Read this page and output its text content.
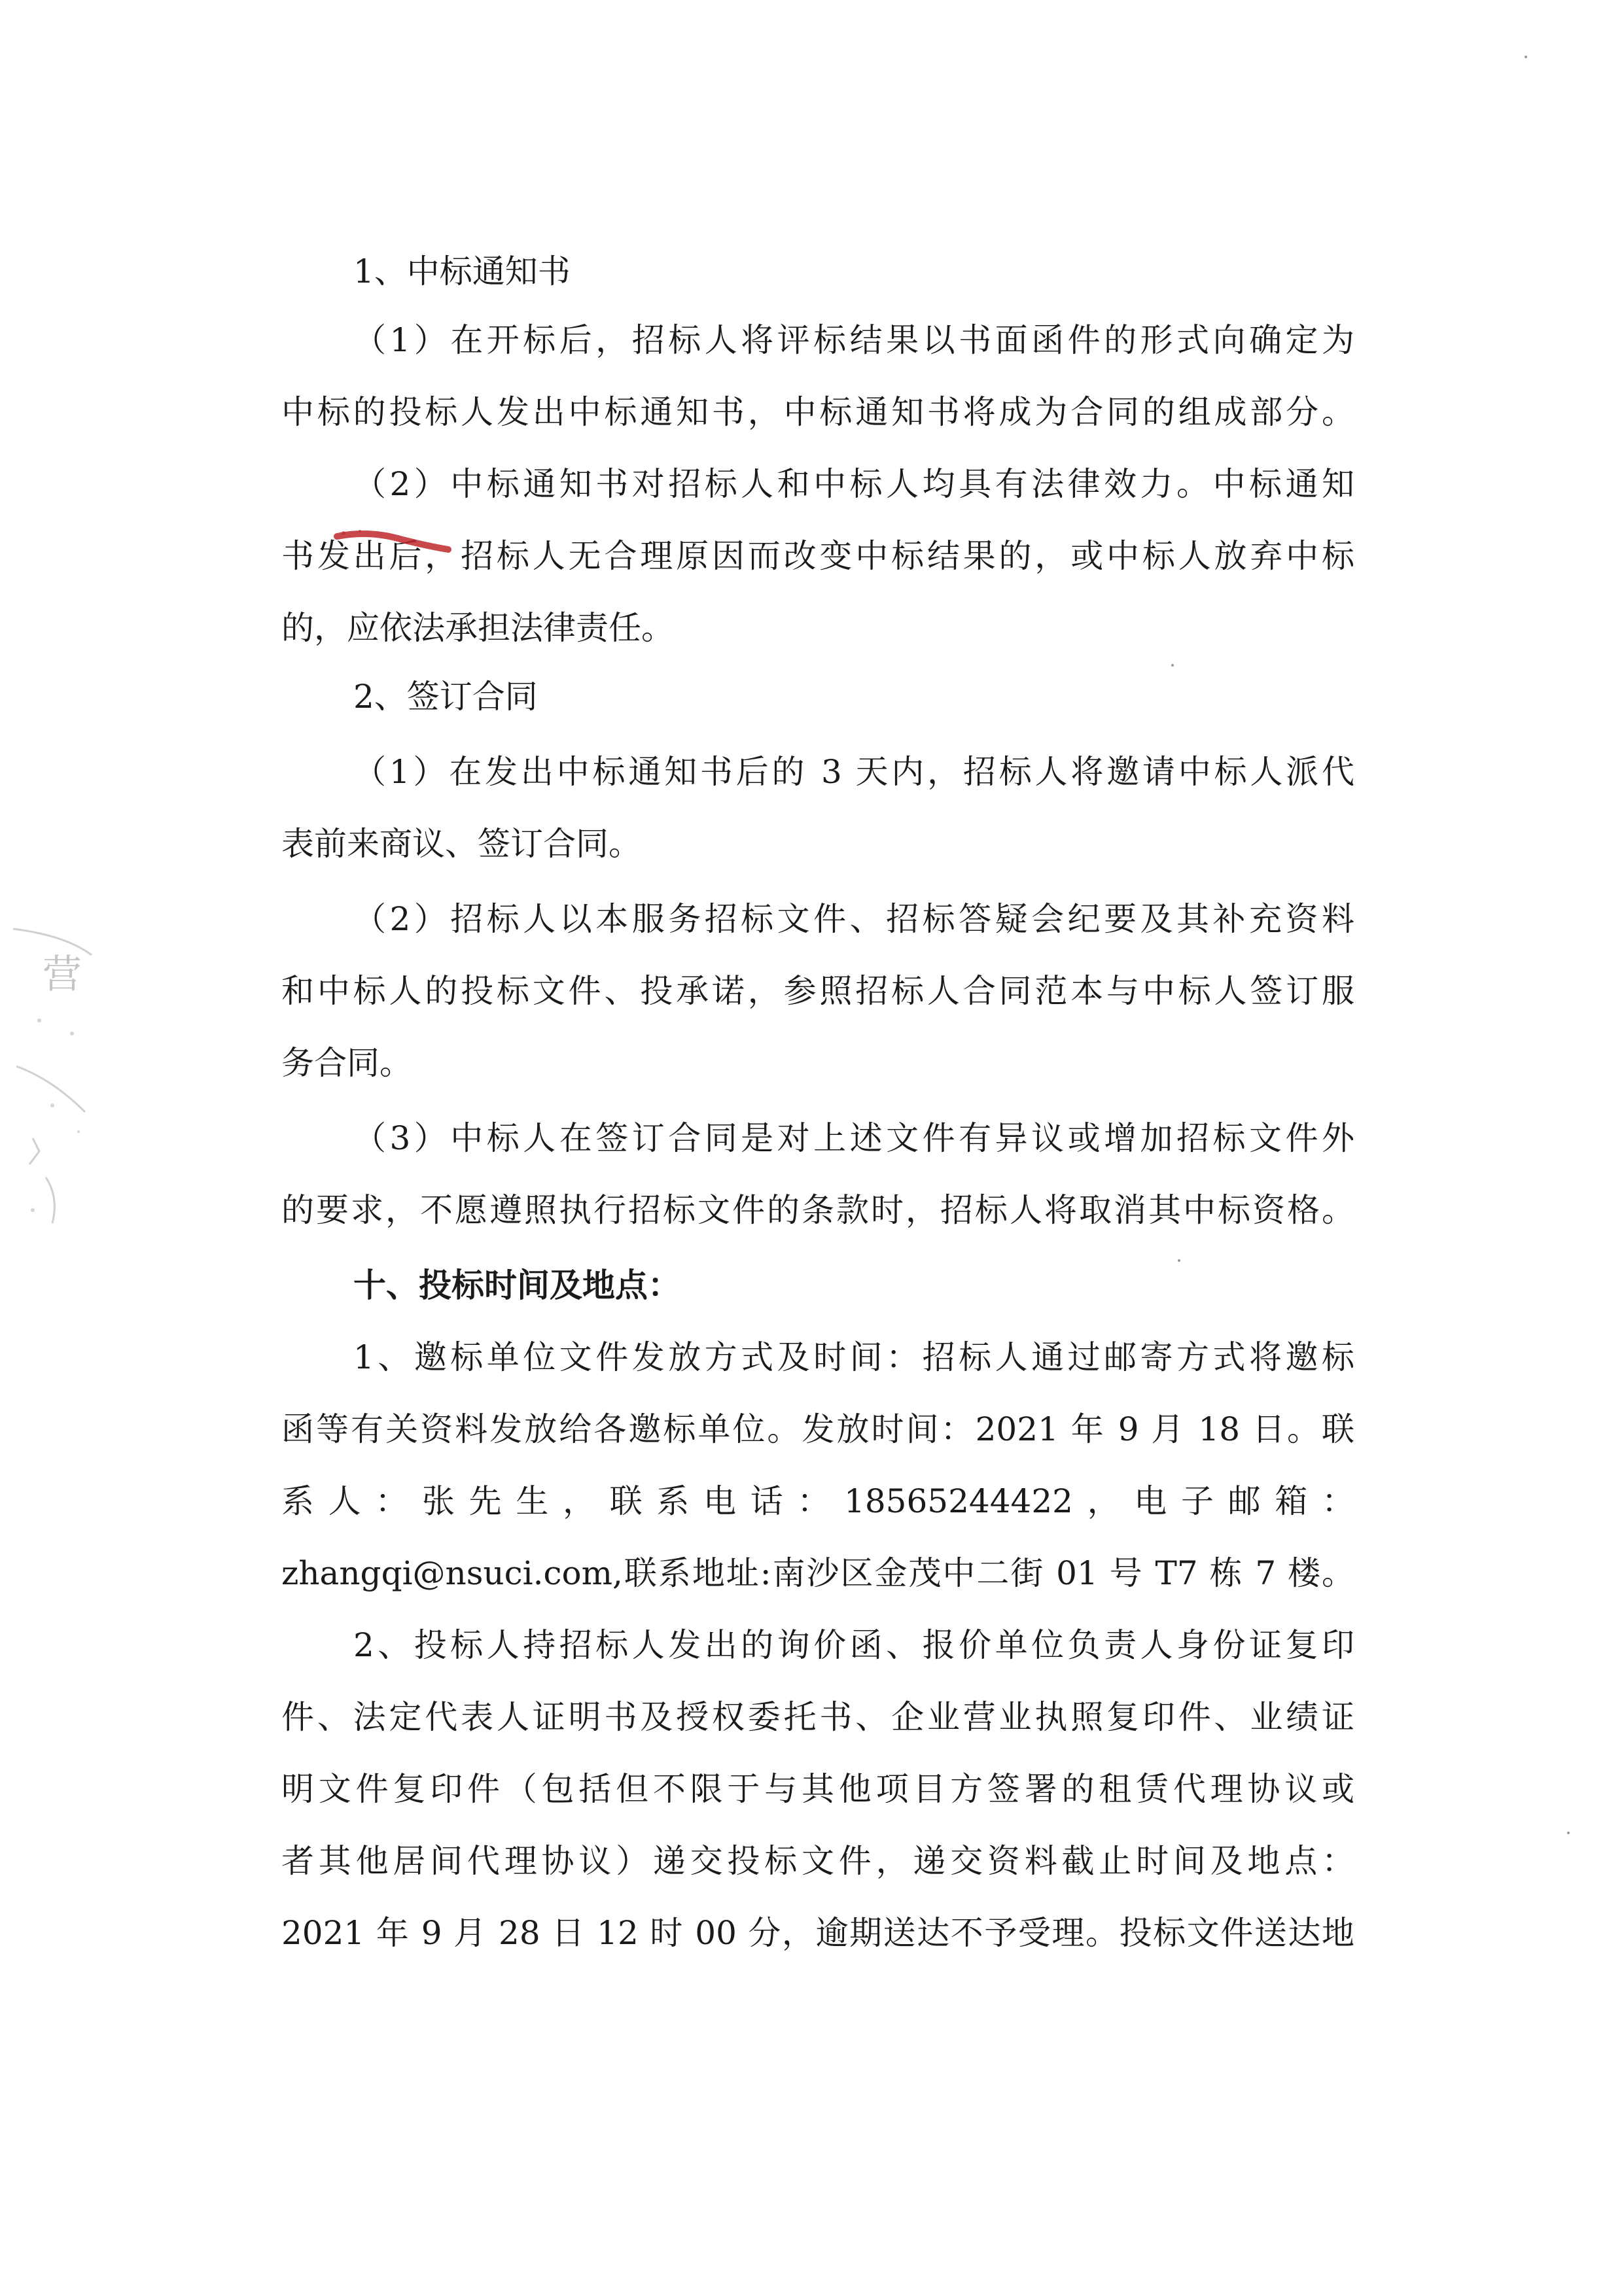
1、中标通知书
（1）在开标后，招标人将评标结果以书面函件的形式向确定为
中标的投标人发出中标通知书，中标通知书将成为合同的组成部分。
（2）中标通知书对招标人和中标人均具有法律效力。中标通知
书发出后，招标人无合理原因而改变中标结果的，或中标人放弃中标
的，应依法承担法律责任。
2、签订合同
（1）在发出中标通知书后的 3 天内，招标人将邀请中标人派代
表前来商议、签订合同。
（2）招标人以本服务招标文件、招标答疑会纪要及其补充资料
和中标人的投标文件、投承诺，参照招标人合同范本与中标人签订服
务合同。
（3）中标人在签订合同是对上述文件有异议或增加招标文件外
的要求，不愿遵照执行招标文件的条款时，招标人将取消其中标资格。
十、投标时间及地点：
1、邀标单位文件发放方式及时间：招标人通过邮寄方式将邀标
函等有关资料发放给各邀标单位。发放时间：2021 年 9 月 18 日。联
系人：张先生，联系电话：18565244422，电子邮箱：
zhangqi@nsuci.com,联系地址:南沙区金茂中二街 01 号 T7 栋 7 楼。
2、投标人持招标人发出的询价函、报价单位负责人身份证复印
件、法定代表人证明书及授权委托书、企业营业执照复印件、业绩证
明文件复印件（包括但不限于与其他项目方签署的租赁代理协议或
者其他居间代理协议）递交投标文件，递交资料截止时间及地点：
2021 年 9 月 28 日 12 时 00 分，逾期送达不予受理。投标文件送达地
营
